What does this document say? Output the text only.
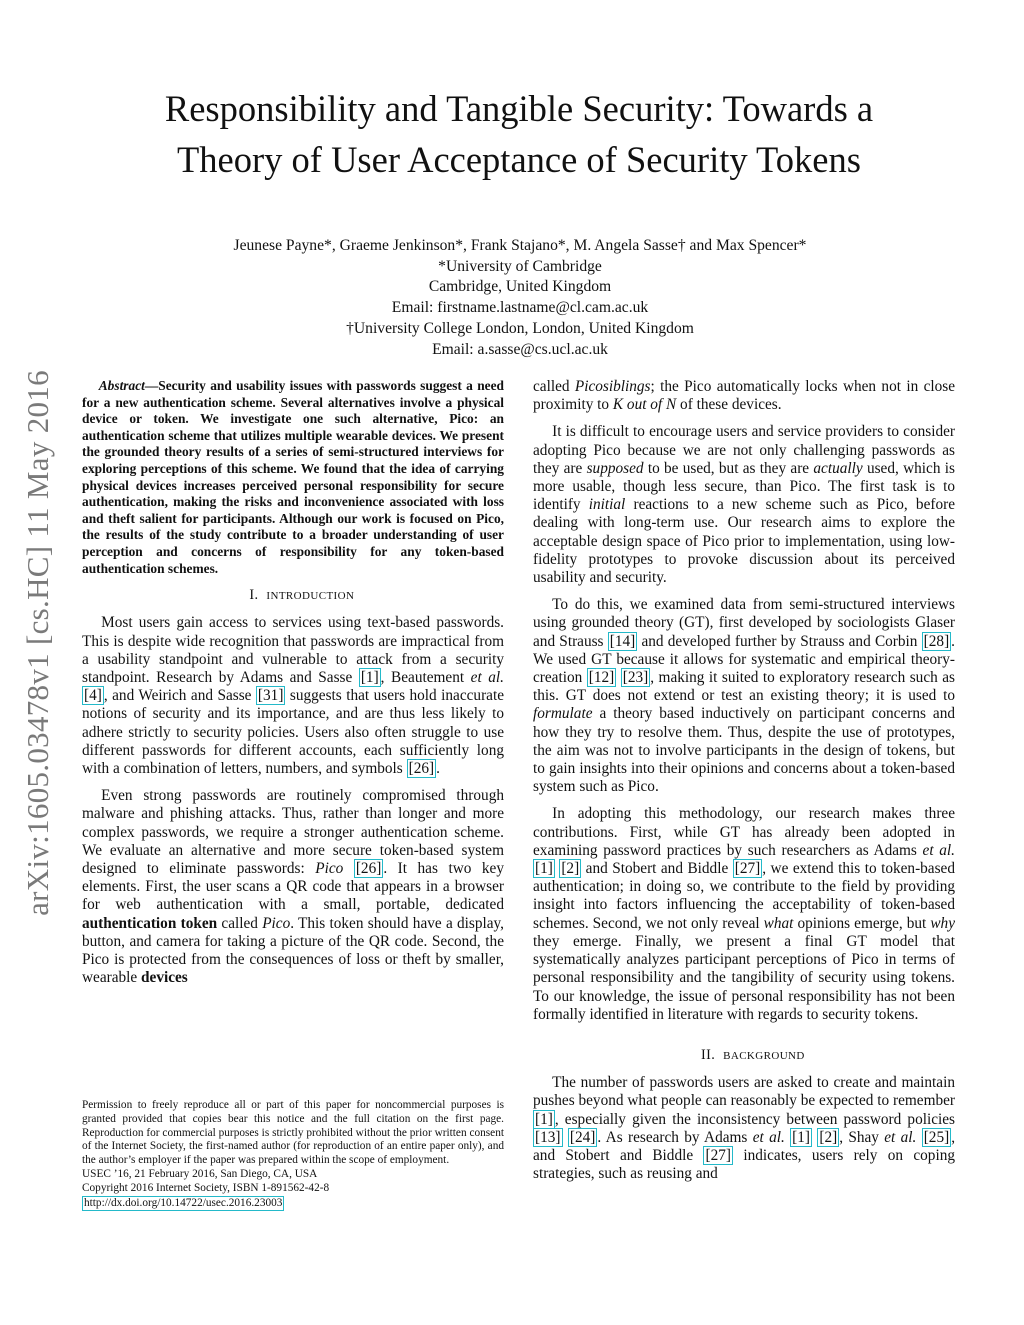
arXiv:1605.03478v1 [cs.HC] 11 May 2016
Responsibility and Tangible Security: Towards a
Theory of User Acceptance of Security Tokens
Jeunese Payne*, Graeme Jenkinson*, Frank Stajano*, M. Angela Sasse† and Max Spencer*
*University of Cambridge
Cambridge, United Kingdom
Email: firstname.lastname@cl.cam.ac.uk
†University College London, London, United Kingdom
Email: a.sasse@cs.ucl.ac.uk

Abstract—Security and usability issues with passwords suggest a need for a new authentication scheme. Several alternatives involve a physical device or token. We investigate one such alternative, Pico: an authentication scheme that utilizes multiple wearable devices. We present the grounded theory results of a series of semi-structured interviews for exploring perceptions of this scheme. We found that the idea of carrying physical devices increases perceived personal responsibility for secure authentication, making the risks and inconvenience associated with loss and theft salient for participants. Although our work is focused on Pico, the results of the study contribute to a broader understanding of user perception and concerns of responsibility for any token-based authentication schemes.

I. INTRODUCTION

Most users gain access to services using text-based passwords. This is despite wide recognition that passwords are impractical from a usability standpoint and vulnerable to attack from a security standpoint. Research by Adams and Sasse [1] , Beautement et al. [4] , and Weirich and Sasse [31] suggests that users hold inaccurate notions of security and its importance, and are thus less likely to adhere strictly to security policies. Users also often struggle to use different passwords for different accounts, each sufficiently long with a combination of letters, numbers, and symbols [26] .

Even strong passwords are routinely compromised through malware and phishing attacks. Thus, rather than longer and more complex passwords, we require a stronger authentication scheme. We evaluate an alternative and more secure token-based system designed to eliminate passwords: Pico [26] . It has two key elements. First, the user scans a QR code that appears in a browser for web authentication with a small, portable, dedicated authentication token called Pico. This token should have a display, button, and camera for taking a picture of the QR code. Second, the Pico is protected from the consequences of loss or theft by smaller, wearable devices

Permission to freely reproduce all or part of this paper for noncommercial purposes is granted provided that copies bear this notice and the full citation on the first page. Reproduction for commercial purposes is strictly prohibited without the prior written consent of the Internet Society, the first-named author (for reproduction of an entire paper only), and the author’s employer if the paper was prepared within the scope of employment.

USEC ’16, 21 February 2016, San Diego, CA, USA

Copyright 2016 Internet Society, ISBN 1-891562-42-8

http://dx.doi.org/10.14722/usec.2016.23003

called Picosiblings; the Pico automatically locks when not in close proximity to K out of N of these devices.

It is difficult to encourage users and service providers to consider adopting Pico because we are not only challenging passwords as they are supposed to be used, but as they are actually used, which is more usable, though less secure, than Pico. The first task is to identify initial reactions to a new scheme such as Pico, before dealing with long-term use. Our research aims to explore the acceptable design space of Pico prior to implementation, using low-fidelity prototypes to provoke discussion about its perceived usability and security.

To do this, we examined data from semi-structured interviews using grounded theory (GT), first developed by sociologists Glaser and Strauss [14] and developed further by Strauss and Corbin [28] . We used GT because it allows for systematic and empirical theory-creation [12] [23] , making it suited to exploratory research such as this. GT does not extend or test an existing theory; it is used to formulate a theory based inductively on participant concerns and how they try to resolve them. Thus, despite the use of prototypes, the aim was not to involve participants in the design of tokens, but to gain insights into their opinions and concerns about a token-based system such as Pico.

In adopting this methodology, our research makes three contributions. First, while GT has already been adopted in examining password practices by such researchers as Adams et al. [1] [2] and Stobert and Biddle [27] , we extend this to token-based authentication; in doing so, we contribute to the field by providing insight into factors influencing the acceptability of token-based schemes. Second, we not only reveal what opinions emerge, but why they emerge. Finally, we present a final GT model that systematically analyzes participant perceptions of Pico in terms of personal responsibility and the tangibility of security using tokens. To our knowledge, the issue of personal responsibility has not been formally identified in literature with regards to security tokens.

II. BACKGROUND

The number of passwords users are asked to create and maintain pushes beyond what people can reasonably be expected to remember [1] , especially given the inconsistency between password policies [13] [24] . As research by Adams et al. [1] [2] , Shay et al. [25] , and Stobert and Biddle [27] indicates, users rely on coping strategies, such as reusing and
